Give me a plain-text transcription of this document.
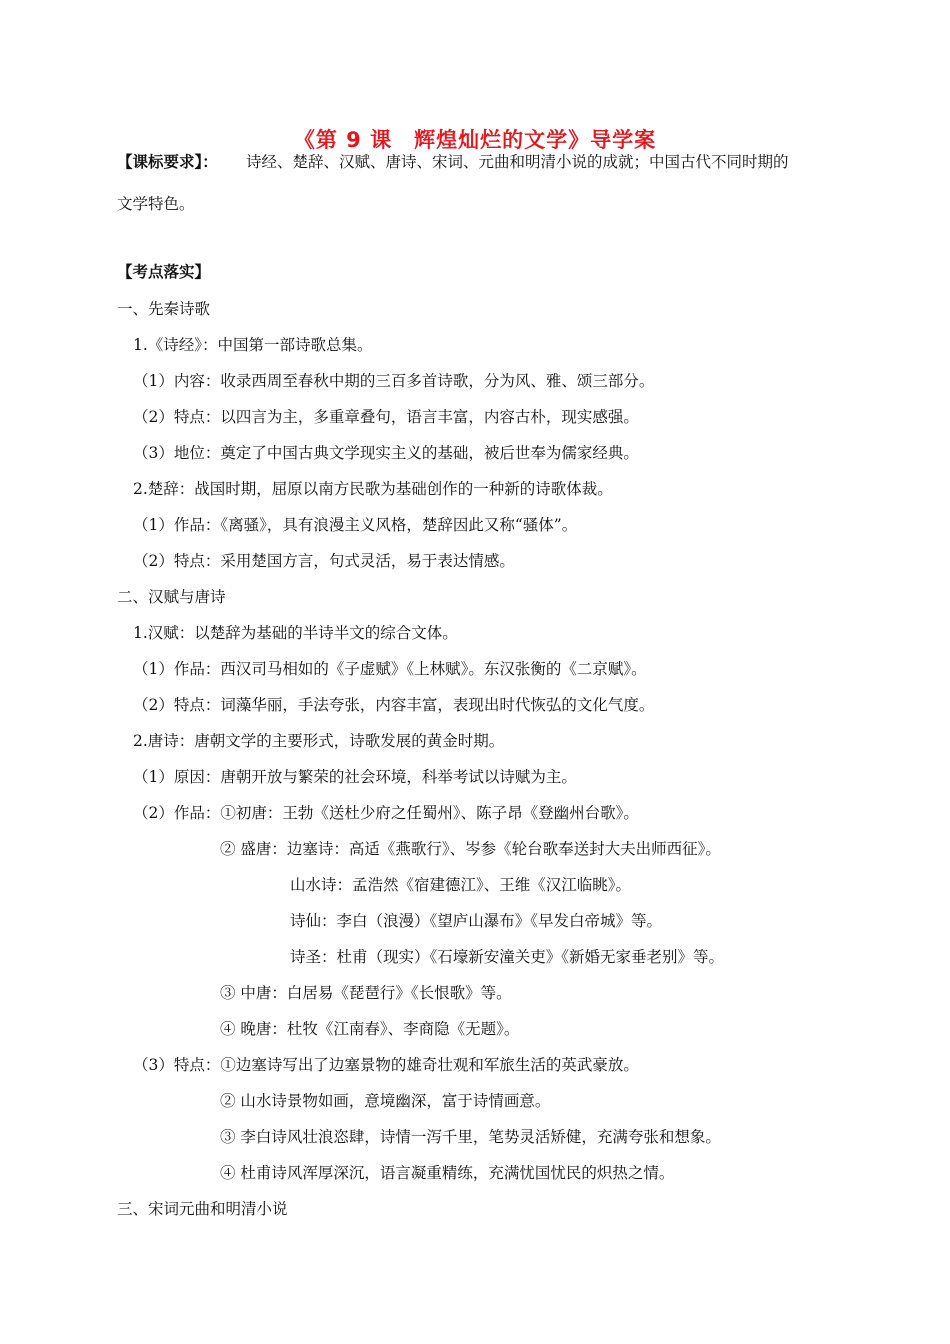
《第 9 课　辉煌灿烂的文学》导学案
【课标要求】： 诗经、楚辞、汉赋、唐诗、宋词、元曲和明清小说的成就；中国古代不同时期的
文学特色。
【考点落实】
一、先秦诗歌
1.《诗经》：中国第一部诗歌总集。
（1）内容：收录西周至春秋中期的三百多首诗歌，分为风、雅、颂三部分。
（2）特点：以四言为主，多重章叠句，语言丰富，内容古朴，现实感强。
（3）地位：奠定了中国古典文学现实主义的基础，被后世奉为儒家经典。
2.楚辞：战国时期，屈原以南方民歌为基础创作的一种新的诗歌体裁。
（1）作品：《离骚》，具有浪漫主义风格，楚辞因此又称“骚体”。
（2）特点：采用楚国方言，句式灵活，易于表达情感。
二、汉赋与唐诗
1.汉赋：以楚辞为基础的半诗半文的综合文体。
（1）作品：西汉司马相如的《子虚赋》《上林赋》。东汉张衡的《二京赋》。
（2）特点：词藻华丽，手法夸张，内容丰富，表现出时代恢弘的文化气度。
2.唐诗：唐朝文学的主要形式，诗歌发展的黄金时期。
（1）原因：唐朝开放与繁荣的社会环境，科举考试以诗赋为主。
（2）作品：①初唐：王勃《送杜少府之任蜀州》、陈子昂《登幽州台歌》。
② 盛唐：边塞诗：高适《燕歌行》、岑参《轮台歌奉送封大夫出师西征》。
山水诗：孟浩然《宿建德江》、王维《汉江临眺》。
诗仙：李白（浪漫）《望庐山瀑布》《早发白帝城》等。
诗圣：杜甫（现实）《石壕新安潼关吏》《新婚无家垂老别》等。
③ 中唐：白居易《琵琶行》《长恨歌》等。
④ 晚唐：杜牧《江南春》、李商隐《无题》。
（3）特点：①边塞诗写出了边塞景物的雄奇壮观和军旅生活的英武豪放。
② 山水诗景物如画，意境幽深，富于诗情画意。
③ 李白诗风壮浪恣肆，诗情一泻千里，笔势灵活矫健，充满夸张和想象。
④ 杜甫诗风浑厚深沉，语言凝重精练，充满忧国忧民的炽热之情。
三、宋词元曲和明清小说
